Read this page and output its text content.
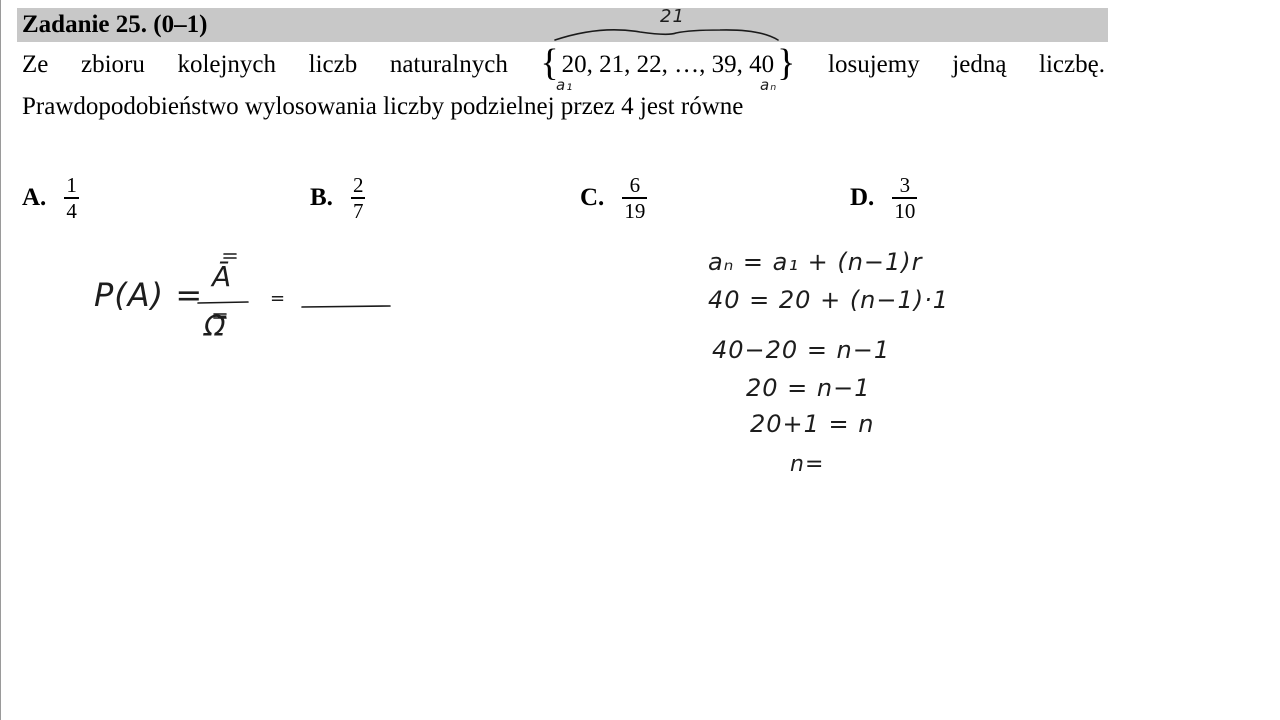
Zadanie 25. (0–1)
Ze zbioru kolejnych liczb naturalnych { 20, 21, 22, …, 39, 40 } losujemy jedną liczbę.
Prawdopodobieństwo wylosowania liczby podzielnej przez 4 jest równe
A. $\frac{1}{4}$	B. $\frac{2}{7}$	C. $\frac{6}{19}$	D. $\frac{3}{10}$
21
a₁	aₙ
P(A) = Ā
Ω̄
=
aₙ = a₁ + (n−1)r
40 = 20 + (n−1)·1
40−20 = n−1
20 = n−1
20+1 = n
n=
